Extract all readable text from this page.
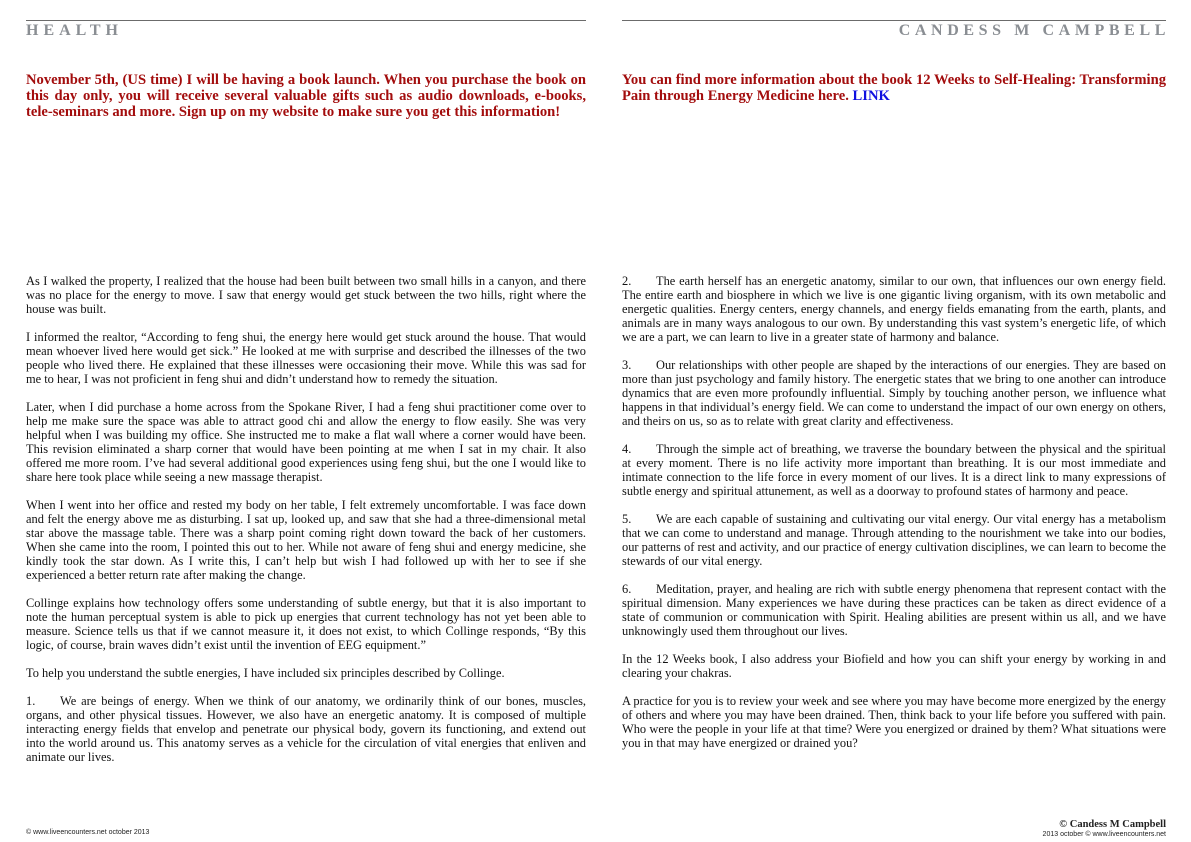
HEALTH
November 5th, (US time) I will be having a book launch. When you purchase the book on this day only, you will receive several valuable gifts such as audio downloads, e-books, tele-seminars and more. Sign up on my website to make sure you get this information!

As I walked the property, I realized that the house had been built between two small hills in a canyon, and there was no place for the energy to move. I saw that energy would get stuck between the two hills, right where the house was built.

I informed the realtor, “According to feng shui, the energy here would get stuck around the house. That would mean whoever lived here would get sick.” He looked at me with surprise and described the illnesses of the two people who lived there. He explained that these illnesses were occasioning their move. While this was sad for me to hear, I was not proficient in feng shui and didn’t understand how to remedy the situation.

Later, when I did purchase a home across from the Spokane River, I had a feng shui practitioner come over to help me make sure the space was able to attract good chi and allow the energy to flow easily. She was very helpful when I was building my office. She instructed me to make a flat wall where a corner would have been. This revision eliminated a sharp corner that would have been pointing at me when I sat in my chair. It also offered me more room. I’ve had several additional good experiences using feng shui, but the one I would like to share here took place while seeing a new massage therapist.

When I went into her office and rested my body on her table, I felt extremely uncomfortable. I was face down and felt the energy above me as disturbing. I sat up, looked up, and saw that she had a three-dimensional metal star above the massage table. There was a sharp point coming right down toward the back of her customers. When she came into the room, I pointed this out to her. While not aware of feng shui and energy medicine, she kindly took the star down. As I write this, I can’t help but wish I had followed up with her to see if she experienced a better return rate after making the change.

Collinge explains how technology offers some understanding of subtle energy, but that it is also important to note the human perceptual system is able to pick up energies that current technology has not yet been able to measure. Science tells us that if we cannot measure it, it does not exist, to which Collinge responds, “By this logic, of course, brain waves didn’t exist until the invention of EEG equipment.”

To help you understand the subtle energies, I have included six principles described by Collinge.

1. We are beings of energy. When we think of our anatomy, we ordinarily think of our bones, muscles, organs, and other physical tissues. However, we also have an energetic anatomy. It is composed of multiple interacting energy fields that envelop and penetrate our physical body, govern its functioning, and extend out into the world around us. This anatomy serves as a vehicle for the circulation of vital energies that enliven and animate our lives.

© www.liveencounters.net october 2013
CANDESS M CAMPBELL
You can find more information about the book 12 Weeks to Self-Healing: Transforming Pain through Energy Medicine here. LINK

2. The earth herself has an energetic anatomy, similar to our own, that influences our own energy field. The entire earth and biosphere in which we live is one gigantic living organism, with its own metabolic and energetic qualities. Energy centers, energy channels, and energy fields emanating from the earth, plants, and animals are in many ways analogous to our own. By understanding this vast system’s energetic life, of which we are a part, we can learn to live in a greater state of harmony and balance.

3. Our relationships with other people are shaped by the interactions of our energies. They are based on more than just psychology and family history. The energetic states that we bring to one another can introduce dynamics that are even more profoundly influential. Simply by touching another person, we influence what happens in that individual’s energy field. We can come to understand the impact of our own energy on others, and theirs on us, so as to relate with great clarity and effectiveness.

4. Through the simple act of breathing, we traverse the boundary between the physical and the spiritual at every moment. There is no life activity more important than breathing. It is our most immediate and intimate connection to the life force in every moment of our lives. It is a direct link to many expressions of subtle energy and spiritual attunement, as well as a doorway to profound states of harmony and peace.

5. We are each capable of sustaining and cultivating our vital energy. Our vital energy has a metabolism that we can come to understand and manage. Through attending to the nourishment we take into our bodies, our patterns of rest and activity, and our practice of energy cultivation disciplines, we can learn to become the stewards of our vital energy.

6. Meditation, prayer, and healing are rich with subtle energy phenomena that represent contact with the spiritual dimension. Many experiences we have during these practices can be taken as direct evidence of a state of communion or communication with Spirit. Healing abilities are present within us all, and we have unknowingly used them throughout our lives.

In the 12 Weeks book, I also address your Biofield and how you can shift your energy by working in and clearing your chakras.

A practice for you is to review your week and see where you may have become more energized by the energy of others and where you may have been drained. Then, think back to your life before you suffered with pain. Who were the people in your life at that time? Were you energized or drained by them? What situations were you in that may have energized or drained you?

© Candess M Campbell
2013 october © www.liveencounters.net
